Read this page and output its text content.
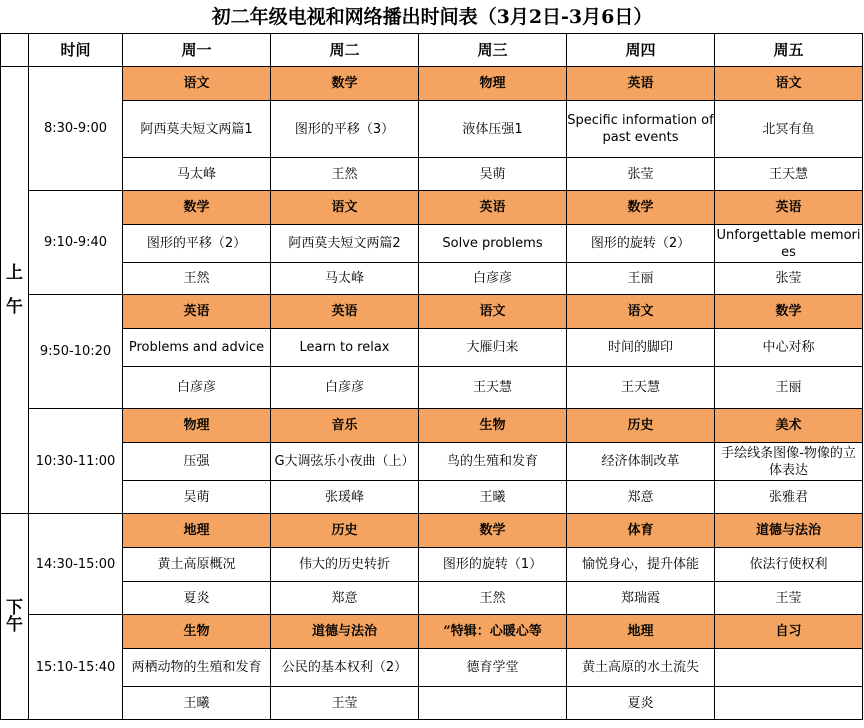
初二年级电视和网络播出时间表（3月2日-3月6日）
	时间	周一	周二	周三	周四	周五
上

午	8:30-9:00	语文	数学	物理	英语	语文

		阿西莫夫短文两篇1	图形的平移（3）	液体压强1	Specific information of past events	北冥有鱼
		马太峰	王然	吴萌	张莹	王天慧
	9:10-9:40	数学	语文	英语	数学	英语

		图形的平移（2）	阿西莫夫短文两篇2	Solve problems	图形的旋转（2）	Unforgettable memories
		王然	马太峰	白彦彦	王丽	张莹
	9:50-10:20	英语	英语	语文	语文	数学

		Problems and advice	Learn to relax	大雁归来	时间的脚印	中心对称
		白彦彦	白彦彦	王天慧	王天慧	王丽
	10:30-11:00	物理	音乐	生物	历史	美术

		压强	G大调弦乐小夜曲（上）	鸟的生殖和发育	经济体制改革	手绘线条图像-物像的立体表达
		吴萌	张瑗峰	王曦	郑意	张雅君
下
午	14:30-15:00	地理	历史	数学	体育	道德与法治

		黄土高原概况	伟大的历史转折	图形的旋转（1）	愉悦身心，提升体能	依法行使权利
		夏炎	郑意	王然	郑瑞霞	王莹
	15:10-15:40	生物	道德与法治	”特辑：心暖心等	地理	自习

		两栖动物的生殖和发育	公民的基本权利（2）	德育学堂	黄土高原的水土流失	
		王曦	王莹		夏炎	
